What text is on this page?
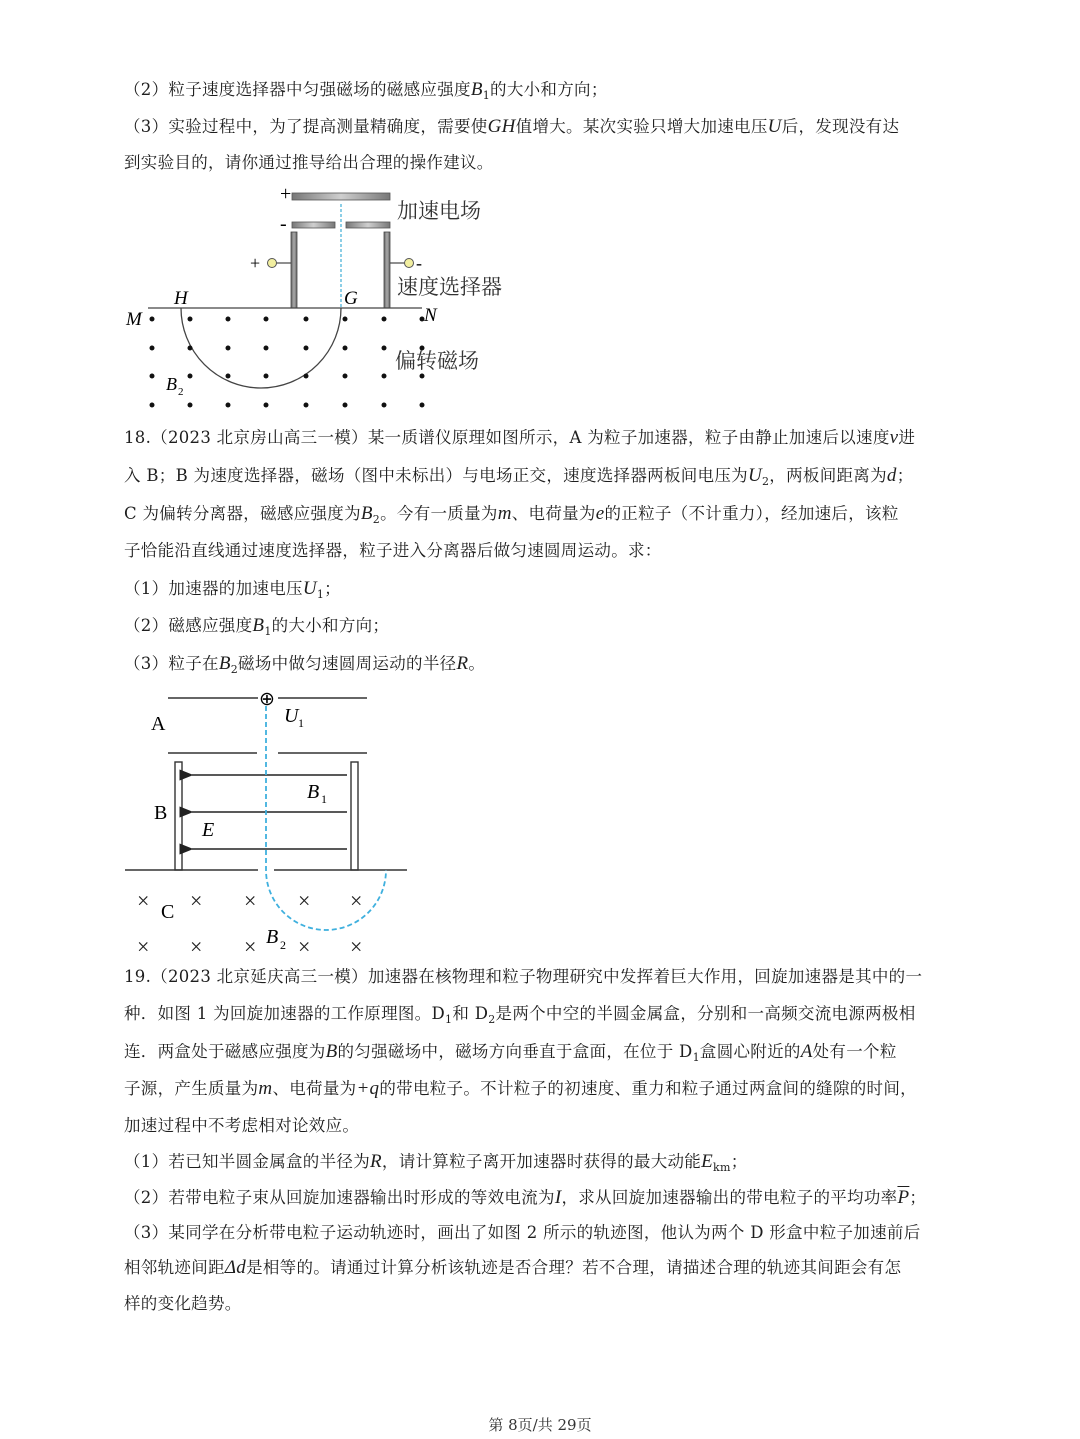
（2）粒子速度选择器中匀强磁场的磁感应强度$B_1$的大小和方向；
（3）实验过程中，为了提高测量精确度，需要使GH值增大。某次实验只增大加速电压U后，发现没有达
到实验目的，请你通过推导给出合理的操作建议。
+
-
+	-
H	G
M	N
B 2
加速电场
速度选择器
偏转磁场
18.（2023 北京房山高三一模）某一质谱仪原理如图所示，A 为粒子加速器，粒子由静止加速后以速度v进
入 B；B 为速度选择器，磁场（图中未标出）与电场正交，速度选择器两板间电压为$U_2$，两板间距离为d；
C 为偏转分离器，磁感应强度为$B_2$。今有一质量为m、电荷量为e的正粒子（不计重力），经加速后，该粒
子恰能沿直线通过速度选择器，粒子进入分离器后做匀速圆周运动。求：
（1）加速器的加速电压$U_1$；
（2）磁感应强度$B_1$的大小和方向；
（3）粒子在$B_2$磁场中做匀速圆周运动的半径R。
⊕
A	U 1
B
B 1
E
× × × × ×
× × × × ×
C
B 2
19.（2023 北京延庆高三一模）加速器在核物理和粒子物理研究中发挥着巨大作用，回旋加速器是其中的一
种．如图 1 为回旋加速器的工作原理图。$D_1$和 $D_2$是两个中空的半圆金属盒，分别和一高频交流电源两极相
连．两盒处于磁感应强度为B的匀强磁场中，磁场方向垂直于盒面，在位于 $D_1$盒圆心附近的A处有一个粒
子源，产生质量为m、电荷量为+q的带电粒子。不计粒子的初速度、重力和粒子通过两盒间的缝隙的时间，
加速过程中不考虑相对论效应。
（1）若已知半圆金属盒的半径为R，请计算粒子离开加速器时获得的最大动能$E_{km}$；
（2）若带电粒子束从回旋加速器输出时形成的等效电流为I，求从回旋加速器输出的带电粒子的平均功率$\overline{P}$；
（3）某同学在分析带电粒子运动轨迹时，画出了如图 2 所示的轨迹图，他认为两个 D 形盒中粒子加速前后
相邻轨迹间距Δd是相等的。请通过计算分析该轨迹是否合理？若不合理，请描述合理的轨迹其间距会有怎
样的变化趋势。
第 8页/共 29页
